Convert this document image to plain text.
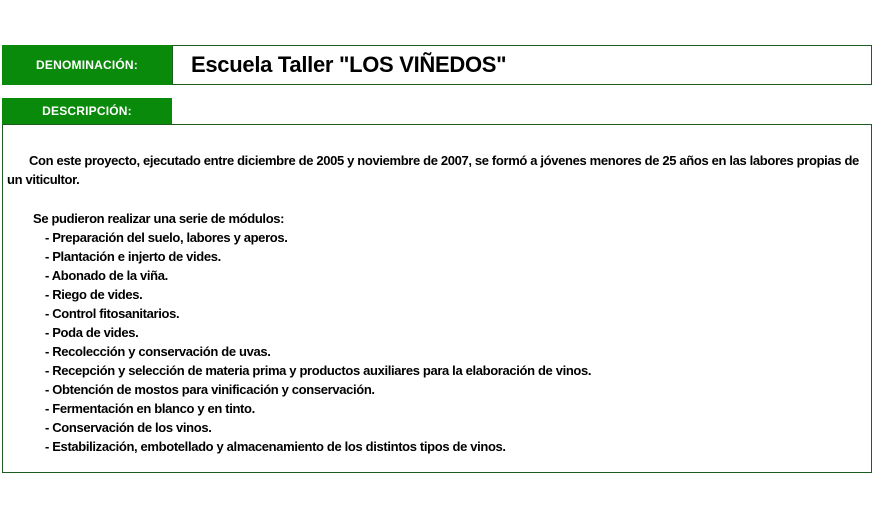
DENOMINACIÓN:	Escuela Taller "LOS VIÑEDOS"
DESCRIPCIÓN:

Con este proyecto, ejecutado entre diciembre de 2005 y noviembre de 2007, se formó a jóvenes menores de 25 años en las labores propias de un viticultor.

Se pudieron realizar una serie de módulos:

- Preparación del suelo, labores y aperos.
- Plantación e injerto de vides.
- Abonado de la viña.
- Riego de vides.
- Control fitosanitarios.
- Poda de vides.
- Recolección y conservación de uvas.
- Recepción y selección de materia prima y productos auxiliares para la elaboración de vinos.
- Obtención de mostos para vinificación y conservación.
- Fermentación en blanco y en tinto.
- Conservación de los vinos.
- Estabilización, embotellado y almacenamiento de los distintos tipos de vinos.
